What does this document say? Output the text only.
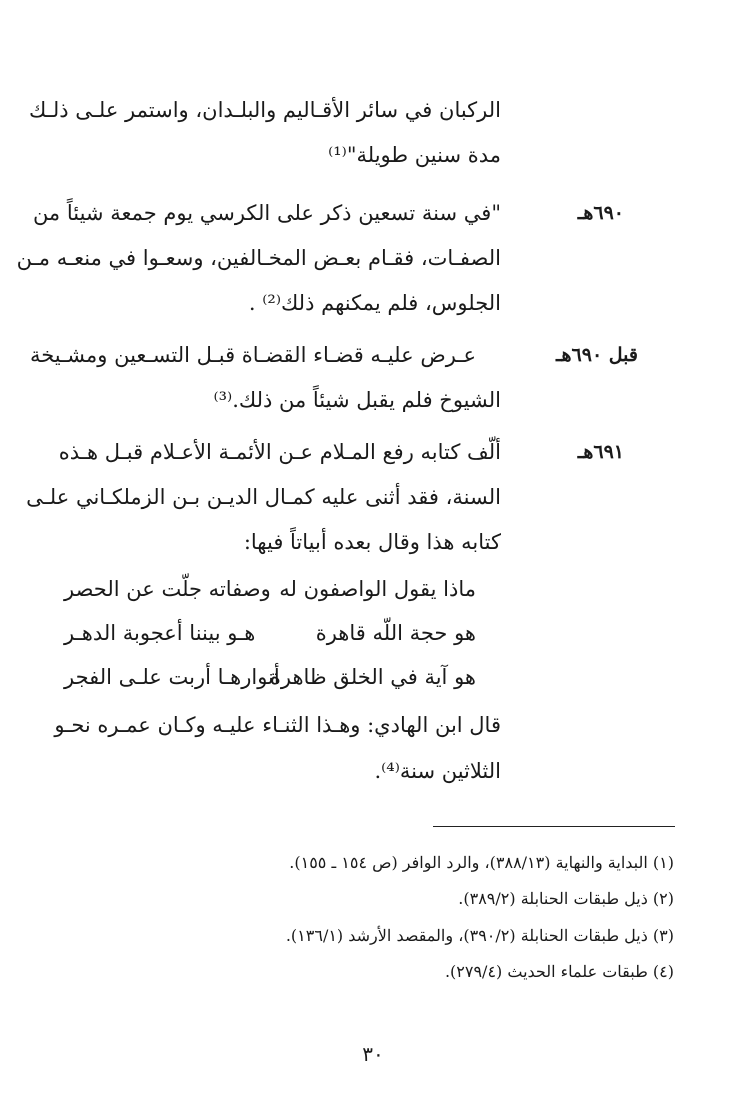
الركبان في سائر الأقـاليم والبلـدان، واستمر علـى ذلـك
مدة سنين طويلة"⁽¹⁾
٦٩٠هـ
"في سنة تسعين ذكر على الكرسي يوم جمعة شيئاً من
الصفـات، فقـام بعـض المخـالفين، وسعـوا في منعـه مـن
الجلوس، فلم يمكنهم ذلك⁽²⁾ .
قبل ٦٩٠هـ
عـرض عليـه قضـاء القضـاة قبـل التسـعين ومشـيخة
الشيوخ فلم يقبل شيئاً من ذلك.⁽³⁾
٦٩١هـ
ألّف كتابه رفع المـلام عـن الأئمـة الأعـلام قبـل هـذه
السنة، فقد أثنى عليه كمـال الديـن بـن الزملكـاني علـى
كتابه هذا وقال بعده أبياتاً فيها:
ماذا يقول الواصفون له
وصفاته جلّت عن الحصر
هو حجة اللّه قاهرة
هـو بيننا أعجوبة الدهـر
هو آية في الخلق ظاهرة
أنوارهـا أربت علـى الفجر
قال ابن الهادي: وهـذا الثنـاء عليـه وكـان عمـره نحـو
الثلاثين سنة⁽⁴⁾.
(١) البداية والنهاية (٣٨٨/١٣)، والرد الوافر (ص ١٥٤ ـ ١٥٥).
(٢) ذيل طبقات الحنابلة (٣٨٩/٢).
(٣) ذيل طبقات الحنابلة (٣٩٠/٢)، والمقصد الأرشد (١٣٦/١).
(٤) طبقات علماء الحديث (٢٧٩/٤).
٣٠
